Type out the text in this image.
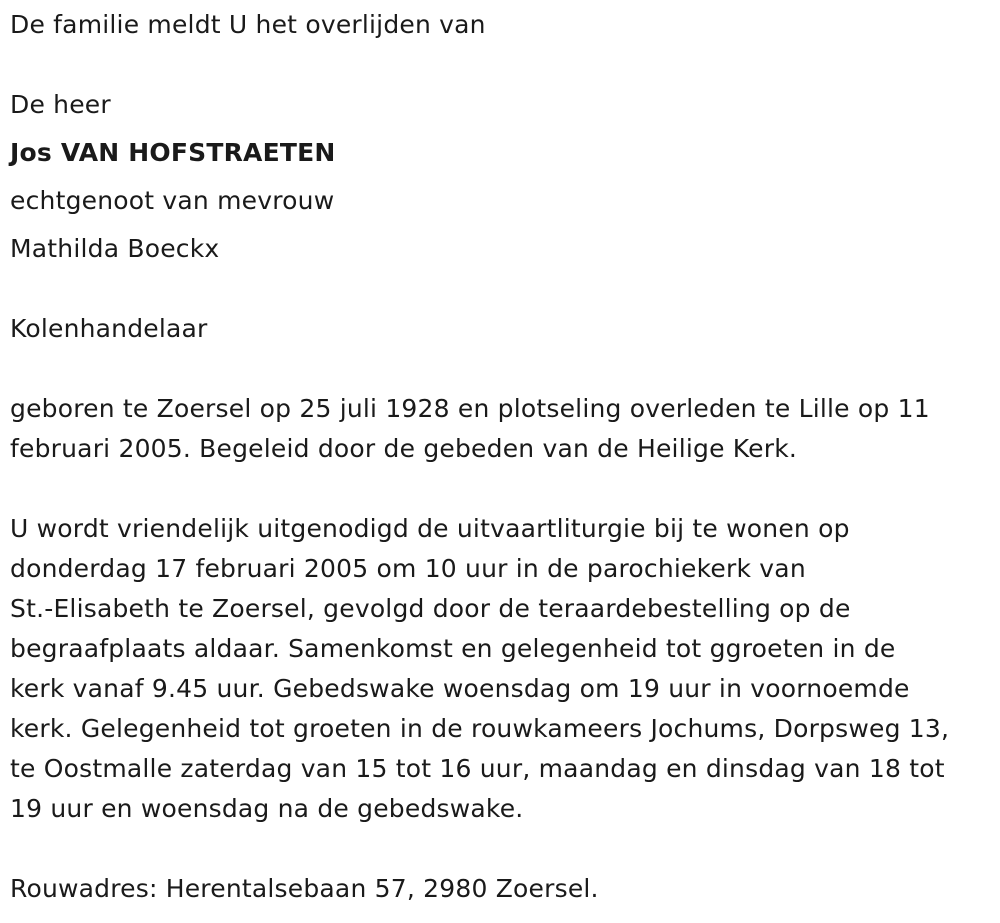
De familie meldt U het overlijden van
De heer
Jos VAN HOFSTRAETEN
echtgenoot van mevrouw
Mathilda Boeckx
Kolenhandelaar
geboren te Zoersel op 25 juli 1928 en plotseling overleden te Lille op 11
februari 2005. Begeleid door de gebeden van de Heilige Kerk.
U wordt vriendelijk uitgenodigd de uitvaartliturgie bij te wonen op
donderdag 17 februari 2005 om 10 uur in de parochiekerk van
St.-Elisabeth te Zoersel, gevolgd door de teraardebestelling op de
begraafplaats aldaar. Samenkomst en gelegenheid tot ggroeten in de
kerk vanaf 9.45 uur. Gebedswake woensdag om 19 uur in voornoemde
kerk. Gelegenheid tot groeten in de rouwkameers Jochums, Dorpsweg 13,
te Oostmalle zaterdag van 15 tot 16 uur, maandag en dinsdag van 18 tot
19 uur en woensdag na de gebedswake.
Rouwadres: Herentalsebaan 57, 2980 Zoersel.
